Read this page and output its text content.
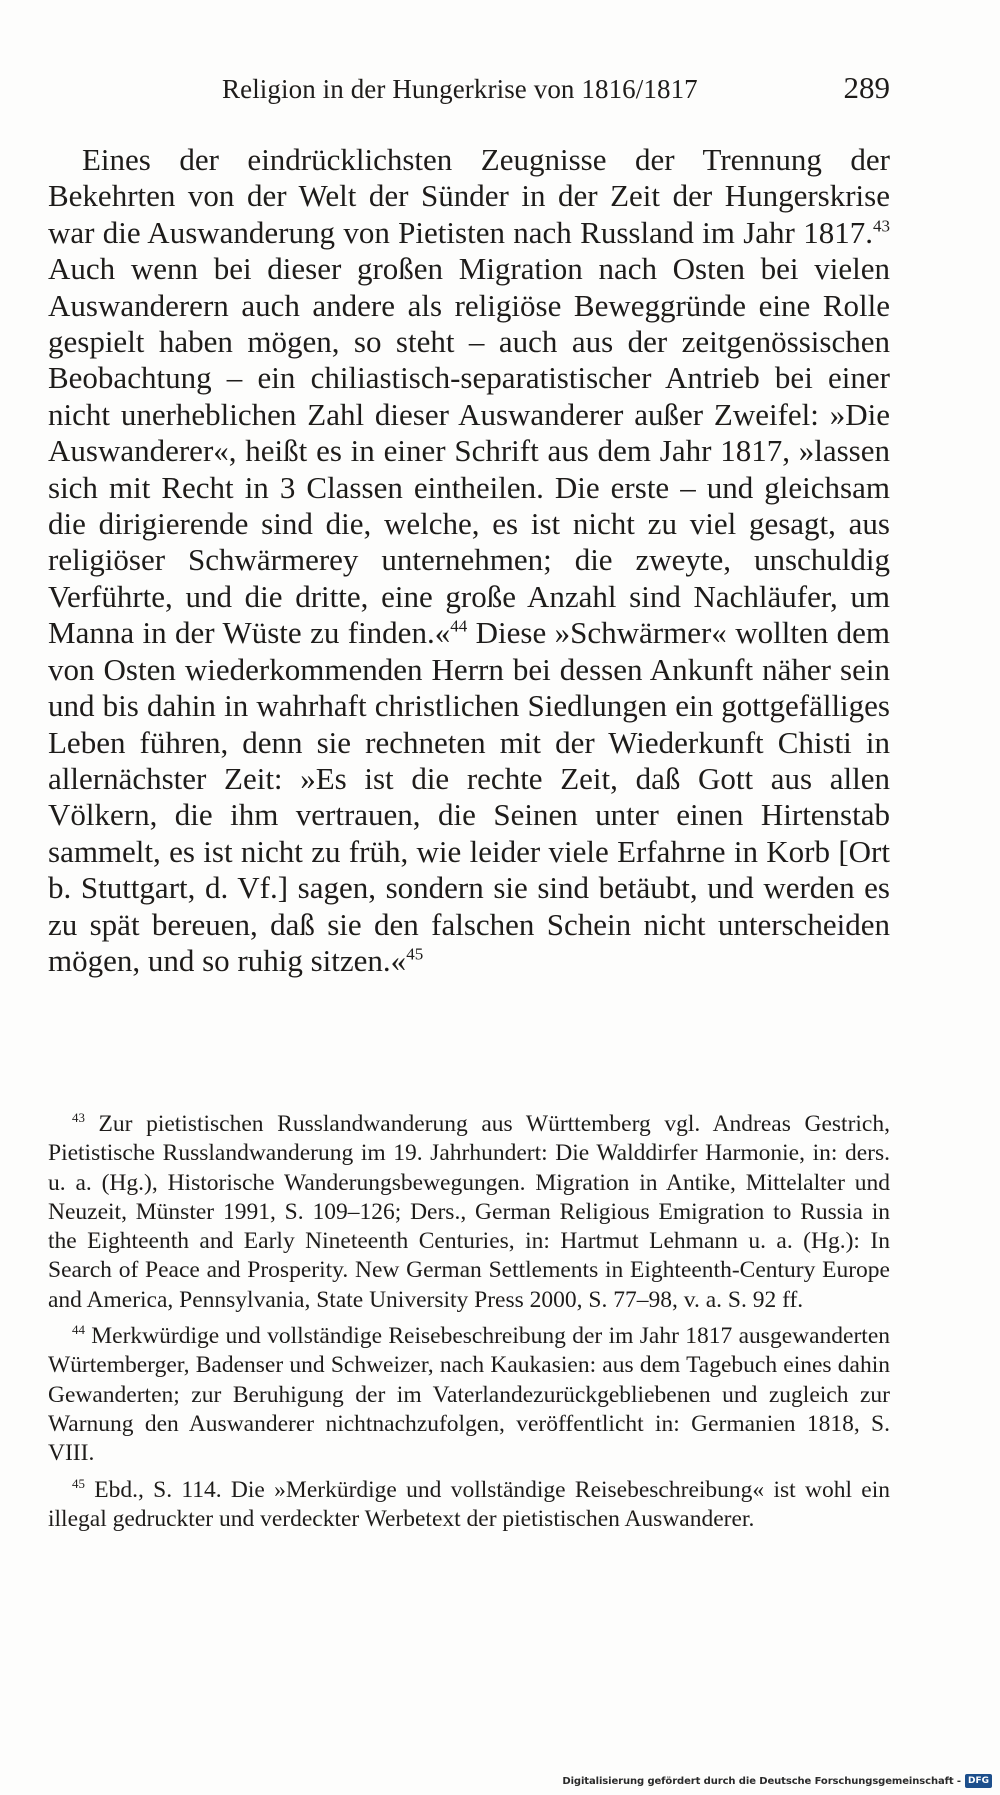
Religion in der Hungerkrise von 1816/1817	289

Eines der eindrücklichsten Zeugnisse der Trennung der Bekehrten von der Welt der Sünder in der Zeit der Hungerskrise war die Auswanderung von Pietisten nach Russland im Jahr 1817.43 Auch wenn bei dieser großen Migration nach Osten bei vielen Auswanderern auch andere als religiöse Beweggründe eine Rolle gespielt haben mögen, so steht – auch aus der zeitgenössischen Beobachtung – ein chiliastisch-separatistischer Antrieb bei einer nicht unerheblichen Zahl dieser Auswanderer außer Zweifel: »Die Auswanderer«, heißt es in einer Schrift aus dem Jahr 1817, »lassen sich mit Recht in 3 Classen eintheilen. Die erste – und gleichsam die dirigierende sind die, welche, es ist nicht zu viel gesagt, aus religiöser Schwärmerey unternehmen; die zweyte, unschuldig Verführte, und die dritte, eine große Anzahl sind Nachläufer, um Manna in der Wüste zu finden.«$^{44}$ Diese »Schwärmer« wollten dem von Osten wiederkommenden Herrn bei dessen Ankunft näher sein und bis dahin in wahrhaft christlichen Siedlungen ein gottgefälliges Leben führen, denn sie rechneten mit der Wiederkunft Chisti in allernächster Zeit: »Es ist die rechte Zeit, daß Gott aus allen Völkern, die ihm vertrauen, die Seinen unter einen Hirtenstab sammelt, es ist nicht zu früh, wie leider viele Erfahrne in Korb [Ort b. Stuttgart, d. Vf.] sagen, sondern sie sind betäubt, und werden es zu spät bereuen, daß sie den falschen Schein nicht unterscheiden mögen, und so ruhig sitzen.«$^{45}$

$^{43}$ Zur pietistischen Russlandwanderung aus Württemberg vgl. Andreas Gestrich, Pietistische Russlandwanderung im 19. Jahrhundert: Die Walddirfer Harmonie, in: ders. u. a. (Hg.), Historische Wanderungsbewegungen. Migration in Antike, Mittelalter und Neuzeit, Münster 1991, S. 109–126; Ders., German Religious Emigration to Russia in the Eighteenth and Early Nineteenth Centuries, in: Hartmut Lehmann u. a. (Hg.): In Search of Peace and Prosperity. New German Settlements in Eighteenth-Century Europe and America, Pennsylvania, State University Press 2000, S. 77–98, v. a. S. 92 ff.

$^{44}$ Merkwürdige und vollständige Reisebeschreibung der im Jahr 1817 ausgewanderten Würtemberger, Badenser und Schweizer, nach Kaukasien: aus dem Tagebuch eines dahin Gewanderten; zur Beruhigung der im Vaterlandezurückgebliebenen und zugleich zur Warnung den Auswanderer nichtnachzufolgen, veröffentlicht in: Germanien 1818, S. VIII.

$^{45}$ Ebd., S. 114. Die »Merkürdige und vollständige Reisebeschreibung« ist wohl ein illegal gedruckter und verdeckter Werbetext der pietistischen Auswanderer.

Digitalisierung gefördert durch die Deutsche Forschungsgemeinschaft - DFG
